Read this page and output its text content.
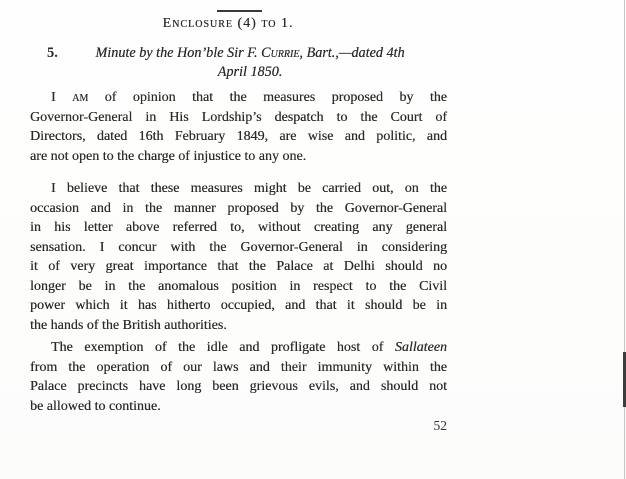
Enclosure (4) to 1.
5.	Minute by the Hon’ble Sir F. Currie, Bart.,—dated 4th
April 1850.
I am of opinion that the measures proposed by the
Governor-General in His Lordship’s despatch to the Court of
Directors, dated 16th February 1849, are wise and politic, and
are not open to the charge of injustice to any one.
I believe that these measures might be carried out, on the
occasion and in the manner proposed by the Governor-General
in his letter above referred to, without creating any general
sensation. I concur with the Governor-General in considering
it of very great importance that the Palace at Delhi should no
longer be in the anomalous position in respect to the Civil
power which it has hitherto occupied, and that it should be in
the hands of the British authorities.
The exemption of the idle and profligate host of Sallateen
from the operation of our laws and their immunity within the
Palace precincts have long been grievous evils, and should not
be allowed to continue.
52
